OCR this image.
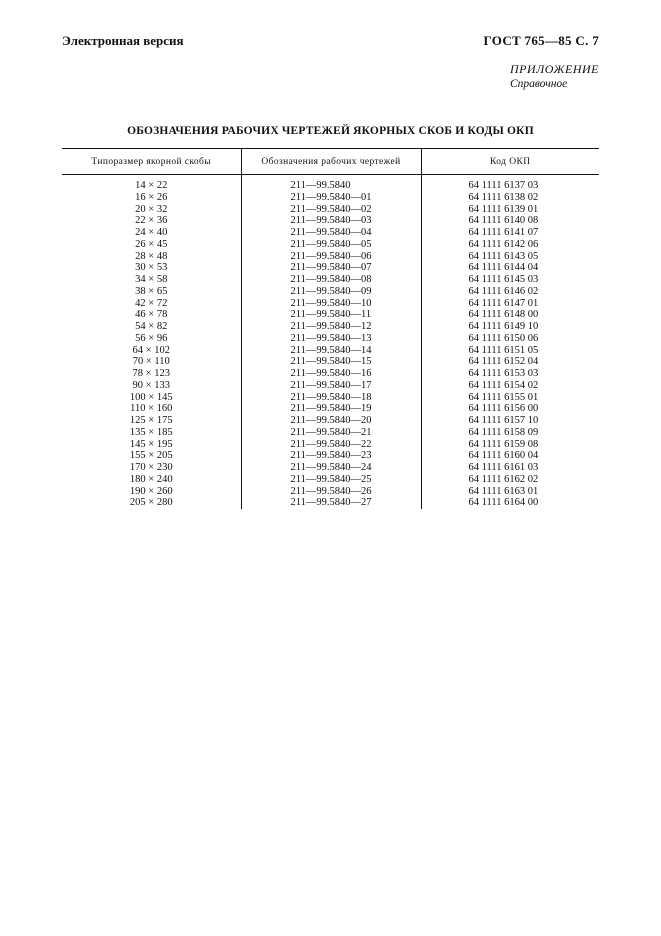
Электронная версия	ГОСТ 765—85 С. 7
ПРИЛОЖЕНИЕ
Справочное
ОБОЗНАЧЕНИЯ РАБОЧИХ ЧЕРТЕЖЕЙ ЯКОРНЫХ СКОБ И КОДЫ ОКП
Типоразмер якорной скобы	Обозначения рабочих чертежей	Код ОКП
14 × 22	211—99.5840	64 1111 6137 03
16 × 26	211—99.5840—01	64 1111 6138 02
20 × 32	211—99.5840—02	64 1111 6139 01
22 × 36	211—99.5840—03	64 1111 6140 08
24 × 40	211—99.5840—04	64 1111 6141 07
26 × 45	211—99.5840—05	64 1111 6142 06
28 × 48	211—99.5840—06	64 1111 6143 05
30 × 53	211—99.5840—07	64 1111 6144 04
34 × 58	211—99.5840—08	64 1111 6145 03
38 × 65	211—99.5840—09	64 1111 6146 02
42 × 72	211—99.5840—10	64 1111 6147 01
46 × 78	211—99.5840—11	64 1111 6148 00
54 × 82	211—99.5840—12	64 1111 6149 10
56 × 96	211—99.5840—13	64 1111 6150 06
64 × 102	211—99.5840—14	64 1111 6151 05
70 × 110	211—99.5840—15	64 1111 6152 04
78 × 123	211—99.5840—16	64 1111 6153 03
90 × 133	211—99.5840—17	64 1111 6154 02
100 × 145	211—99.5840—18	64 1111 6155 01
110 × 160	211—99.5840—19	64 1111 6156 00
125 × 175	211—99.5840—20	64 1111 6157 10
135 × 185	211—99.5840—21	64 1111 6158 09
145 × 195	211—99.5840—22	64 1111 6159 08
155 × 205	211—99.5840—23	64 1111 6160 04
170 × 230	211—99.5840—24	64 1111 6161 03
180 × 240	211—99.5840—25	64 1111 6162 02
190 × 260	211—99.5840—26	64 1111 6163 01
205 × 280	211—99.5840—27	64 1111 6164 00
